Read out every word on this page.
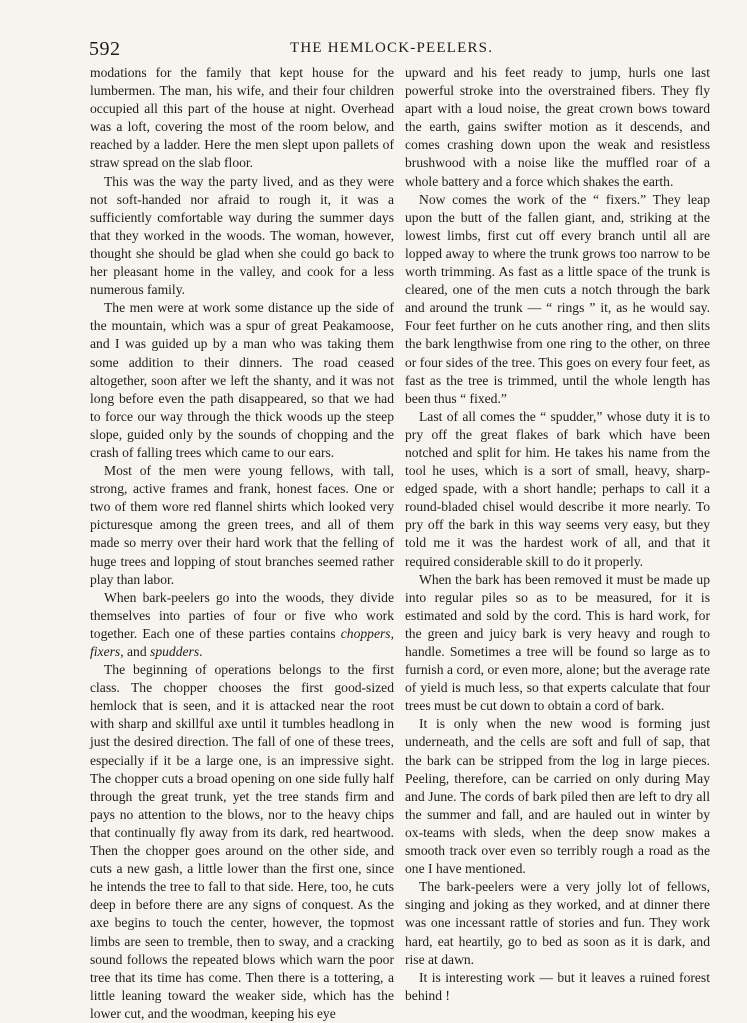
592	THE HEMLOCK-PEELERS.

modations for the family that kept house for the lumbermen. The man, his wife, and their four children occupied all this part of the house at night. Overhead was a loft, covering the most of the room below, and reached by a ladder. Here the men slept upon pallets of straw spread on the slab floor.

This was the way the party lived, and as they were not soft-handed nor afraid to rough it, it was a sufficiently comfortable way during the summer days that they worked in the woods. The woman, however, thought she should be glad when she could go back to her pleasant home in the valley, and cook for a less numerous family.

The men were at work some distance up the side of the mountain, which was a spur of great Peakamoose, and I was guided up by a man who was taking them some addition to their dinners. The road ceased altogether, soon after we left the shanty, and it was not long before even the path disappeared, so that we had to force our way through the thick woods up the steep slope, guided only by the sounds of chopping and the crash of falling trees which came to our ears.

Most of the men were young fellows, with tall, strong, active frames and frank, honest faces. One or two of them wore red flannel shirts which looked very picturesque among the green trees, and all of them made so merry over their hard work that the felling of huge trees and lopping of stout branches seemed rather play than labor.

When bark-peelers go into the woods, they divide themselves into parties of four or five who work together. Each one of these parties contains choppers, fixers, and spudders.

The beginning of operations belongs to the first class. The chopper chooses the first good-sized hemlock that is seen, and it is attacked near the root with sharp and skillful axe until it tumbles headlong in just the desired direction. The fall of one of these trees, especially if it be a large one, is an impressive sight. The chopper cuts a broad opening on one side fully half through the great trunk, yet the tree stands firm and pays no attention to the blows, nor to the heavy chips that continually fly away from its dark, red heartwood. Then the chopper goes around on the other side, and cuts a new gash, a little lower than the first one, since he intends the tree to fall to that side. Here, too, he cuts deep in before there are any signs of conquest. As the axe begins to touch the center, however, the topmost limbs are seen to tremble, then to sway, and a cracking sound follows the repeated blows which warn the poor tree that its time has come. Then there is a tottering, a little leaning toward the weaker side, which has the lower cut, and the woodman, keeping his eye

upward and his feet ready to jump, hurls one last powerful stroke into the overstrained fibers. They fly apart with a loud noise, the great crown bows toward the earth, gains swifter motion as it descends, and comes crashing down upon the weak and resistless brushwood with a noise like the muffled roar of a whole battery and a force which shakes the earth.

Now comes the work of the “ fixers.” They leap upon the butt of the fallen giant, and, striking at the lowest limbs, first cut off every branch until all are lopped away to where the trunk grows too narrow to be worth trimming. As fast as a little space of the trunk is cleared, one of the men cuts a notch through the bark and around the trunk — “ rings ” it, as he would say. Four feet further on he cuts another ring, and then slits the bark lengthwise from one ring to the other, on three or four sides of the tree. This goes on every four feet, as fast as the tree is trimmed, until the whole length has been thus “ fixed.”

Last of all comes the “ spudder,” whose duty it is to pry off the great flakes of bark which have been notched and split for him. He takes his name from the tool he uses, which is a sort of small, heavy, sharp-edged spade, with a short handle; perhaps to call it a round-bladed chisel would describe it more nearly. To pry off the bark in this way seems very easy, but they told me it was the hardest work of all, and that it required considerable skill to do it properly.

When the bark has been removed it must be made up into regular piles so as to be measured, for it is estimated and sold by the cord. This is hard work, for the green and juicy bark is very heavy and rough to handle. Sometimes a tree will be found so large as to furnish a cord, or even more, alone; but the average rate of yield is much less, so that experts calculate that four trees must be cut down to obtain a cord of bark.

It is only when the new wood is forming just underneath, and the cells are soft and full of sap, that the bark can be stripped from the log in large pieces. Peeling, therefore, can be carried on only during May and June. The cords of bark piled then are left to dry all the summer and fall, and are hauled out in winter by ox-teams with sleds, when the deep snow makes a smooth track over even so terribly rough a road as the one I have mentioned.

The bark-peelers were a very jolly lot of fellows, singing and joking as they worked, and at dinner there was one incessant rattle of stories and fun. They work hard, eat heartily, go to bed as soon as it is dark, and rise at dawn.

It is interesting work — but it leaves a ruined forest behind !
